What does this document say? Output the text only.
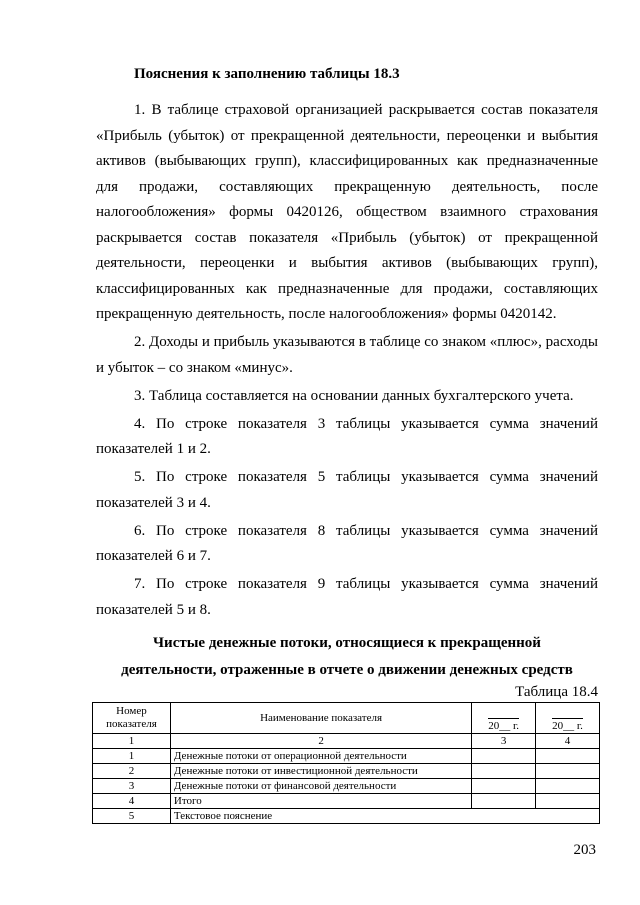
Пояснения к заполнению таблицы 18.3

1. В таблице страховой организацией раскрывается состав показателя «Прибыль (убыток) от прекращенной деятельности, переоценки и выбытия активов (выбывающих групп), классифицированных как предназначенные для продажи, составляющих прекращенную деятельность, после налогообложения» формы 0420126, обществом взаимного страхования раскрывается состав показателя «Прибыль (убыток) от прекращенной деятельности, переоценки и выбытия активов (выбывающих групп), классифицированных как предназначенные для продажи, составляющих прекращенную деятельность, после налогообложения» формы 0420142.

2. Доходы и прибыль указываются в таблице со знаком «плюс», расходы и убыток – со знаком «минус».

3. Таблица составляется на основании данных бухгалтерского учета.

4. По строке показателя 3 таблицы указывается сумма значений показателей 1 и 2.

5. По строке показателя 5 таблицы указывается сумма значений показателей 3 и 4.

6. По строке показателя 8 таблицы указывается сумма значений показателей 6 и 7.

7. По строке показателя 9 таблицы указывается сумма значений показателей 5 и 8.

Чистые денежные потоки, относящиеся к прекращенной
деятельности, отраженные в отчете о движении денежных средств
Таблица 18.4
Номер показателя	Наименование показателя	20__ г.	20__ г.
1	2	3	4
1	Денежные потоки от операционной деятельности		
2	Денежные потоки от инвестиционной деятельности		
3	Денежные потоки от финансовой деятельности		
4	Итого		
5	Текстовое пояснение		
203
